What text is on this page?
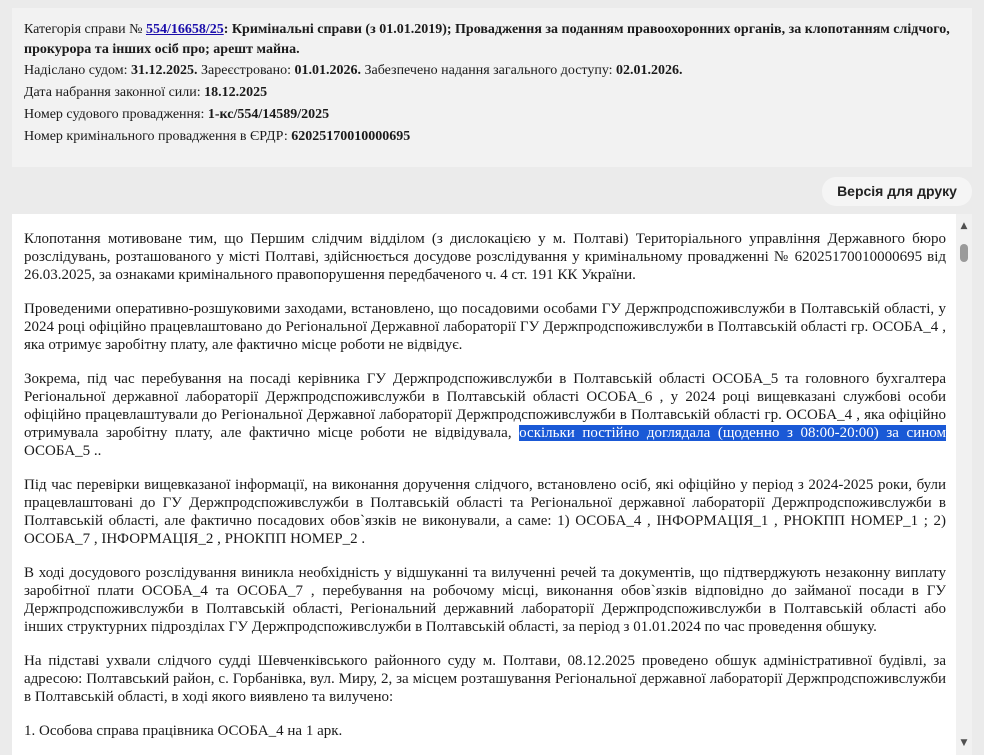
Категорія справи № 554/16658/25: Кримінальні справи (з 01.01.2019); Провадження за поданням правоохоронних органів, за клопотанням слідчого, прокурора та інших осіб про; арешт майна.
Надіслано судом: 31.12.2025. Зареєстровано: 01.01.2026. Забезпечено надання загального доступу: 02.01.2026.
Дата набрання законної сили: 18.12.2025
Номер судового провадження: 1-кс/554/14589/2025
Номер кримінального провадження в ЄРДР: 62025170010000695
Версія для друку

Клопотання мотивоване тим, що Першим слідчим відділом (з дислокацією у м. Полтаві) Територіального управління Державного бюро розслідувань, розташованого у місті Полтаві, здійснюється досудове розслідування у кримінальному провадженні № 62025170010000695 від 26.03.2025, за ознаками кримінального правопорушення передбаченого ч. 4 ст. 191 КК України.

Проведеними оперативно-розшуковими заходами, встановлено, що посадовими особами ГУ Держпродспоживслужби в Полтавській області, у 2024 році офіційно працевлаштовано до Регіональної Державної лабораторії ГУ Держпродспоживслужби в Полтавській області гр. ОСОБА_4 , яка отримує заробітну плату, але фактично місце роботи не відвідує.

Зокрема, під час перебування на посаді керівника ГУ Держпродспоживслужби в Полтавській області ОСОБА_5 та головного бухгалтера Регіональної державної лабораторії Держпродспоживслужби в Полтавській області ОСОБА_6 , у 2024 році вищевказані службові особи офіційно працевлаштували до Регіональної Державної лабораторії Держпродспоживслужби в Полтавській області гр. ОСОБА_4 , яка офіційно отримувала заробітну плату, але фактично місце роботи не відвідувала, оскільки постійно доглядала (щоденно з 08:00-20:00) за сином ОСОБА_5 ..

Під час перевірки вищевказаної інформації, на виконання доручення слідчого, встановлено осіб, які офіційно у період з 2024-2025 роки, були працевлаштовані до ГУ Держпродспоживслужби в Полтавській області та Регіональної державної лабораторії Держпродспоживслужби в Полтавській області, але фактично посадових обов`язків не виконували, а саме: 1) ОСОБА_4 , ІНФОРМАЦІЯ_1 , РНОКПП НОМЕР_1 ; 2) ОСОБА_7 , ІНФОРМАЦІЯ_2 , РНОКПП НОМЕР_2 .

В ході досудового розслідування виникла необхідність у відшуканні та вилученні речей та документів, що підтверджують незаконну виплату заробітної плати ОСОБА_4 та ОСОБА_7 , перебування на робочому місці, виконання обов`язків відповідно до займаної посади в ГУ Держпродспоживслужби в Полтавській області, Регіональний державний лабораторії Держпродспоживслужби в Полтавській області або інших структурних підрозділах ГУ Держпродспоживслужби в Полтавській області, за період з 01.01.2024 по час проведення обшуку.

На підставі ухвали слідчого судді Шевченківського районного суду м. Полтави, 08.12.2025 проведено обшук адміністративної будівлі, за адресою: Полтавський район, с. Горбанівка, вул. Миру, 2, за місцем розташування Регіональної державної лабораторії Держпродспоживслужби в Полтавській області, в ході якого виявлено та вилучено:

1. Особова справа працівника ОСОБА_4 на 1 арк.

▲
▼
